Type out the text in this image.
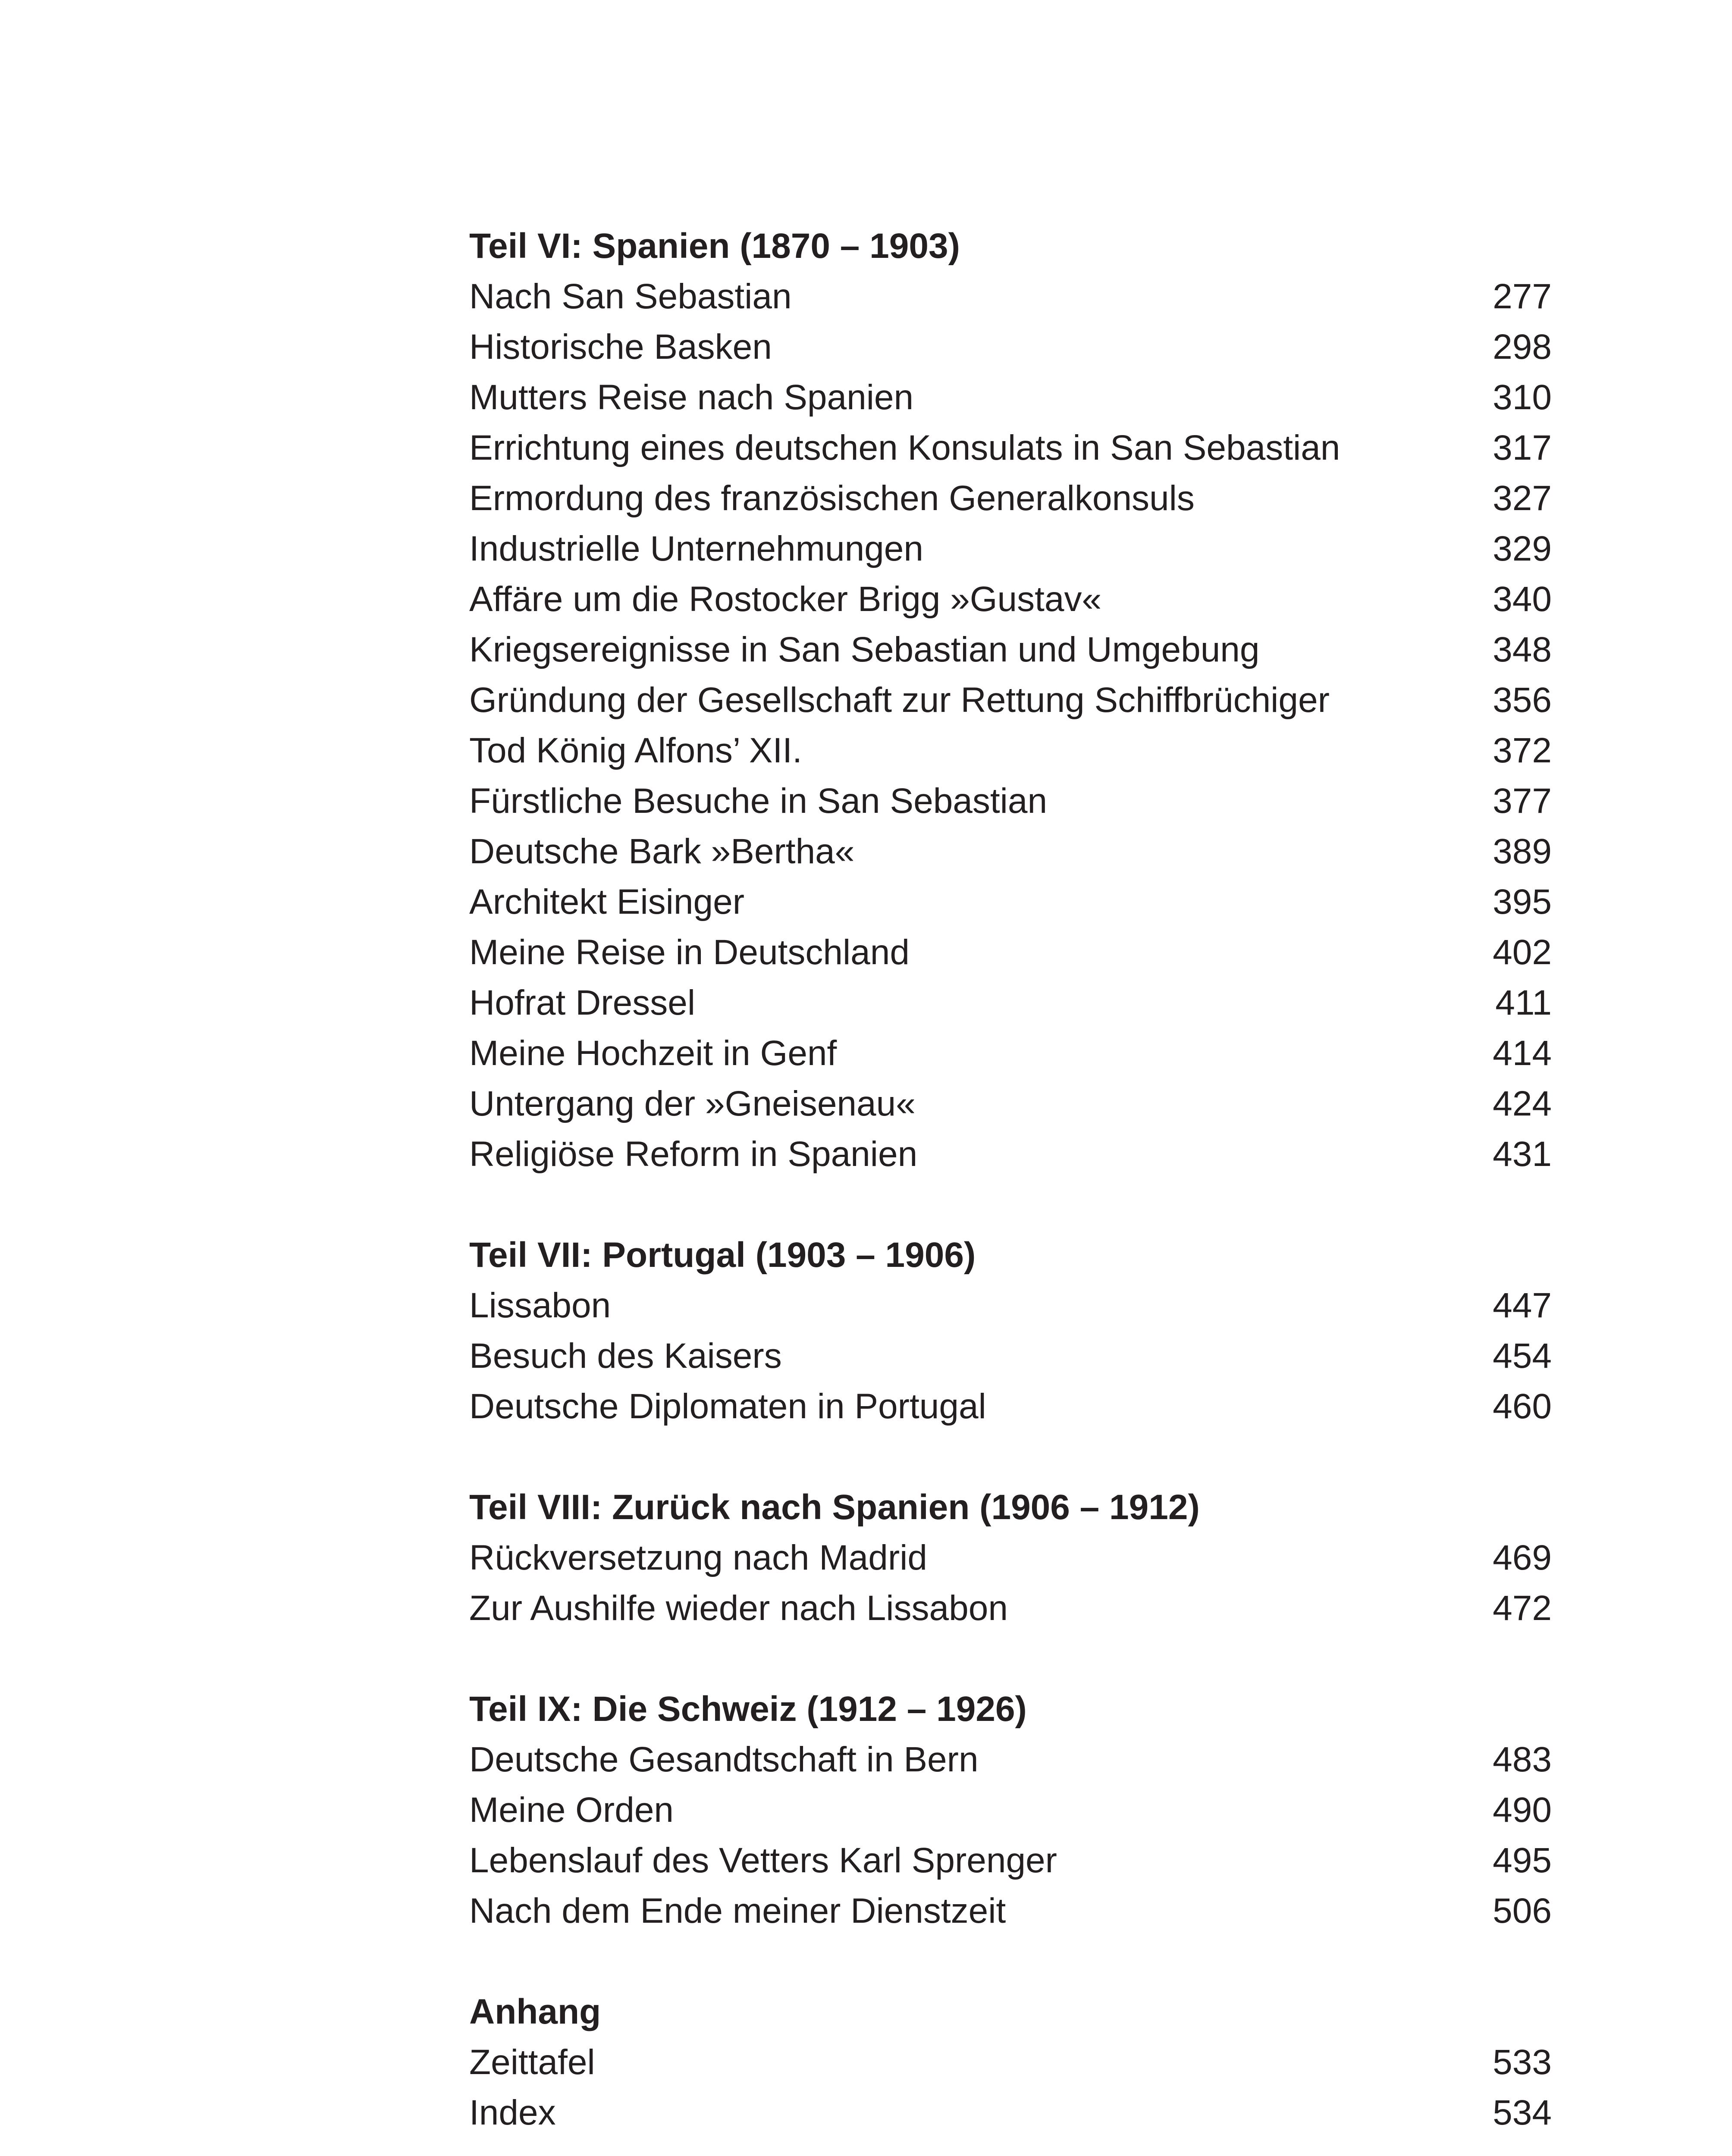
Teil VI: Spanien (1870 – 1903)
Nach San Sebastian	277
Historische Basken	298
Mutters Reise nach Spanien	310
Errichtung eines deutschen Konsulats in San Sebastian	317
Ermordung des französischen Generalkonsuls	327
Industrielle Unternehmungen	329
Affäre um die Rostocker Brigg »Gustav«	340
Kriegsereignisse in San Sebastian und Umgebung	348
Gründung der Gesellschaft zur Rettung Schiffbrüchiger	356
Tod König Alfons’ XII.	372
Fürstliche Besuche in San Sebastian	377
Deutsche Bark »Bertha«	389
Architekt Eisinger	395
Meine Reise in Deutschland	402
Hofrat Dressel	411
Meine Hochzeit in Genf	414
Untergang der »Gneisenau«	424
Religiöse Reform in Spanien	431
Teil VII: Portugal (1903 – 1906)
Lissabon	447
Besuch des Kaisers	454
Deutsche Diplomaten in Portugal	460
Teil VIII: Zurück nach Spanien (1906 – 1912)
Rückversetzung nach Madrid	469
Zur Aushilfe wieder nach Lissabon	472
Teil IX: Die Schweiz (1912 – 1926)
Deutsche Gesandtschaft in Bern	483
Meine Orden	490
Lebenslauf des Vetters Karl Sprenger	495
Nach dem Ende meiner Dienstzeit	506
Anhang
Zeittafel	533
Index	534
